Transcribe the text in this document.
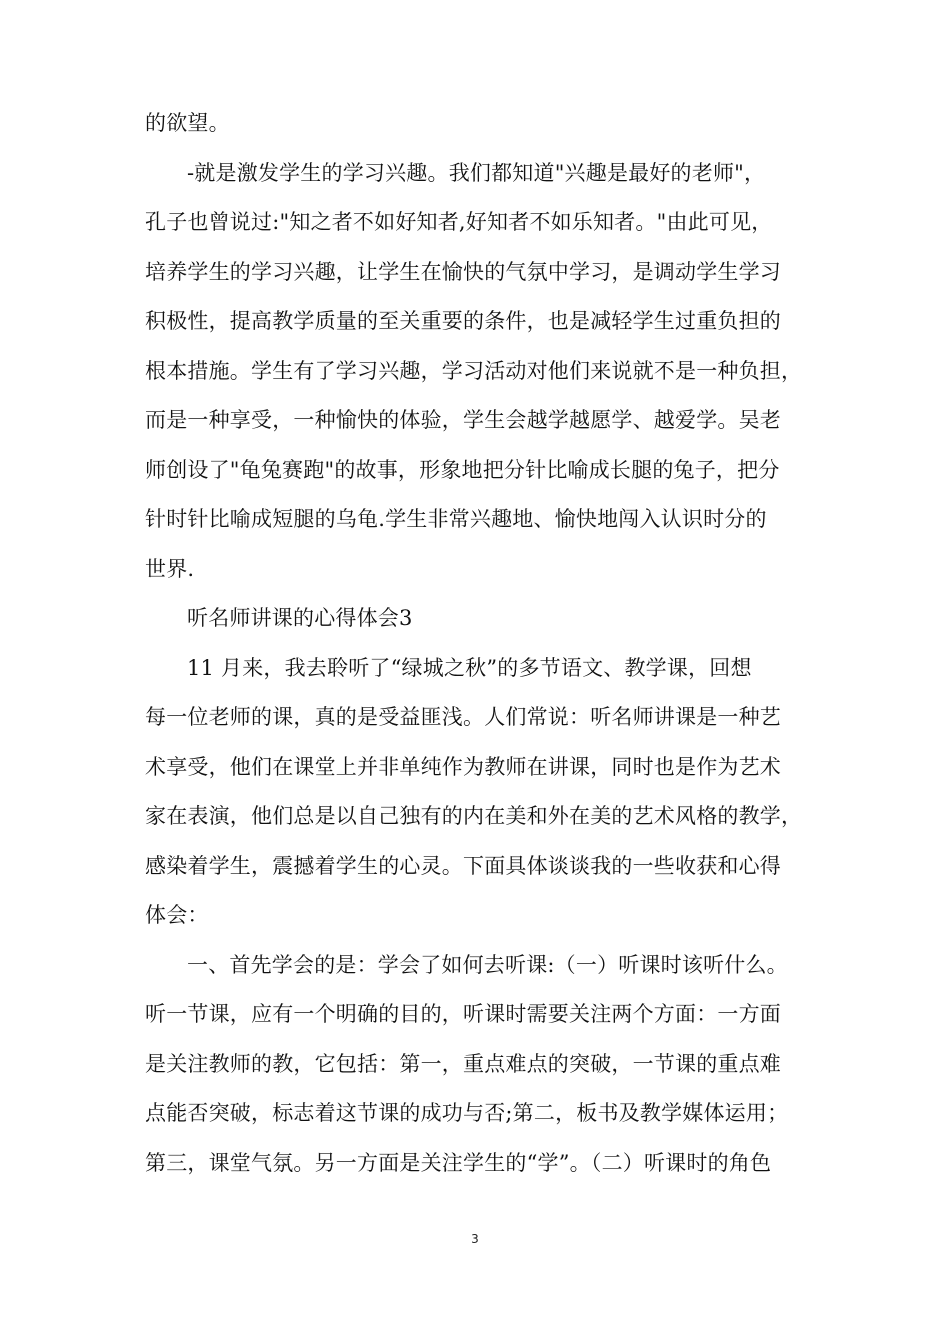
的欲望。
-就是激发学生的学习兴趣。我们都知道"兴趣是最好的老师"，
孔子也曾说过:"知之者不如好知者,好知者不如乐知者。"由此可见，
培养学生的学习兴趣，让学生在愉快的气氛中学习，是调动学生学习
积极性，提高教学质量的至关重要的条件，也是减轻学生过重负担的
根本措施。学生有了学习兴趣，学习活动对他们来说就不是一种负担，
而是一种享受，一种愉快的体验，学生会越学越愿学、越爱学。吴老
师创设了"龟兔赛跑"的故事，形象地把分针比喻成长腿的兔子，把分
针时针比喻成短腿的乌龟.学生非常兴趣地、愉快地闯入认识时分的
世界.
听名师讲课的心得体会3
11 月来，我去聆听了“绿城之秋”的多节语文、教学课，回想
每一位老师的课，真的是受益匪浅。人们常说：听名师讲课是一种艺
术享受，他们在课堂上并非单纯作为教师在讲课，同时也是作为艺术
家在表演，他们总是以自己独有的内在美和外在美的艺术风格的教学，
感染着学生，震撼着学生的心灵。下面具体谈谈我的一些收获和心得
体会：
一、首先学会的是：学会了如何去听课:（一）听课时该听什么。
听一节课，应有一个明确的目的，听课时需要关注两个方面：一方面
是关注教师的教，它包括：第一，重点难点的突破，一节课的重点难
点能否突破，标志着这节课的成功与否;第二，板书及教学媒体运用；
第三，课堂气氛。另一方面是关注学生的“学”。（二）听课时的角色
3
